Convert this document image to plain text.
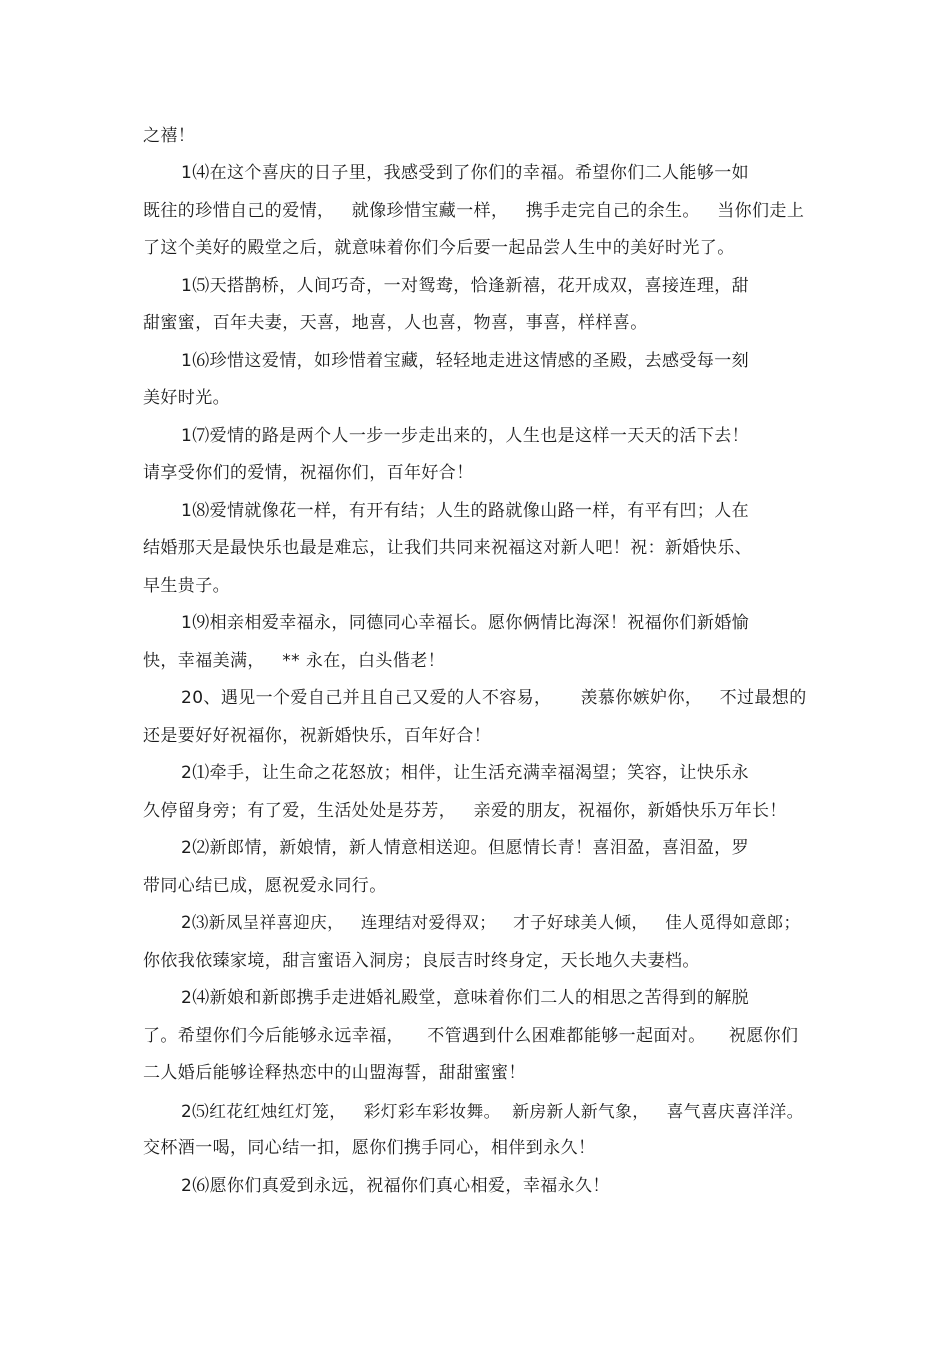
之禧！
1⑷在这个喜庆的日子里，我感受到了你们的幸福。希望你们二人能够一如
既往的珍惜自己的爱情，   就像珍惜宝藏一样，   携手走完自己的余生。   当你们走上
了这个美好的殿堂之后，就意味着你们今后要一起品尝人生中的美好时光了。
1⑸天搭鹊桥，人间巧奇，一对鸳鸯，恰逢新禧，花开成双，喜接连理，甜
甜蜜蜜，百年夫妻，天喜，地喜，人也喜，物喜，事喜，样样喜。
1⑹珍惜这爱情，如珍惜着宝藏，轻轻地走进这情感的圣殿，去感受每一刻
美好时光。
1⑺爱情的路是两个人一步一步走出来的，人生也是这样一天天的活下去！
请享受你们的爱情，祝福你们，百年好合！
1⑻爱情就像花一样，有开有结；人生的路就像山路一样，有平有凹；人在
结婚那天是最快乐也最是难忘，让我们共同来祝福这对新人吧！祝：新婚快乐、
早生贵子。
1⑼相亲相爱幸福永，同德同心幸福长。愿你俩情比海深！祝福你们新婚愉
快，幸福美满，   ** 永在，白头偕老！
20、遇见一个爱自己并且自己又爱的人不容易，     羡慕你嫉妒你，   不过最想的
还是要好好祝福你，祝新婚快乐，百年好合！
2⑴牵手，让生命之花怒放；相伴，让生活充满幸福渴望；笑容，让快乐永
久停留身旁；有了爱，生活处处是芬芳，   亲爱的朋友，祝福你，新婚快乐万年长！
2⑵新郎情，新娘情，新人情意相送迎。但愿情长青！喜泪盈，喜泪盈，罗
带同心结已成，愿祝爱永同行。
2⑶新凤呈祥喜迎庆，   连理结对爱得双；   才子好球美人倾，   佳人觅得如意郎；
你依我依臻家境，甜言蜜语入洞房；良辰吉时终身定，天长地久夫妻档。
2⑷新娘和新郎携手走进婚礼殿堂，意味着你们二人的相思之苦得到的解脱
了。希望你们今后能够永远幸福，    不管遇到什么困难都能够一起面对。    祝愿你们
二人婚后能够诠释热恋中的山盟海誓，甜甜蜜蜜！
2⑸红花红烛红灯笼，   彩灯彩车彩妆舞。  新房新人新气象，   喜气喜庆喜洋洋。
交杯酒一喝，同心结一扣，愿你们携手同心，相伴到永久！
2⑹愿你们真爱到永远，祝福你们真心相爱，幸福永久！
